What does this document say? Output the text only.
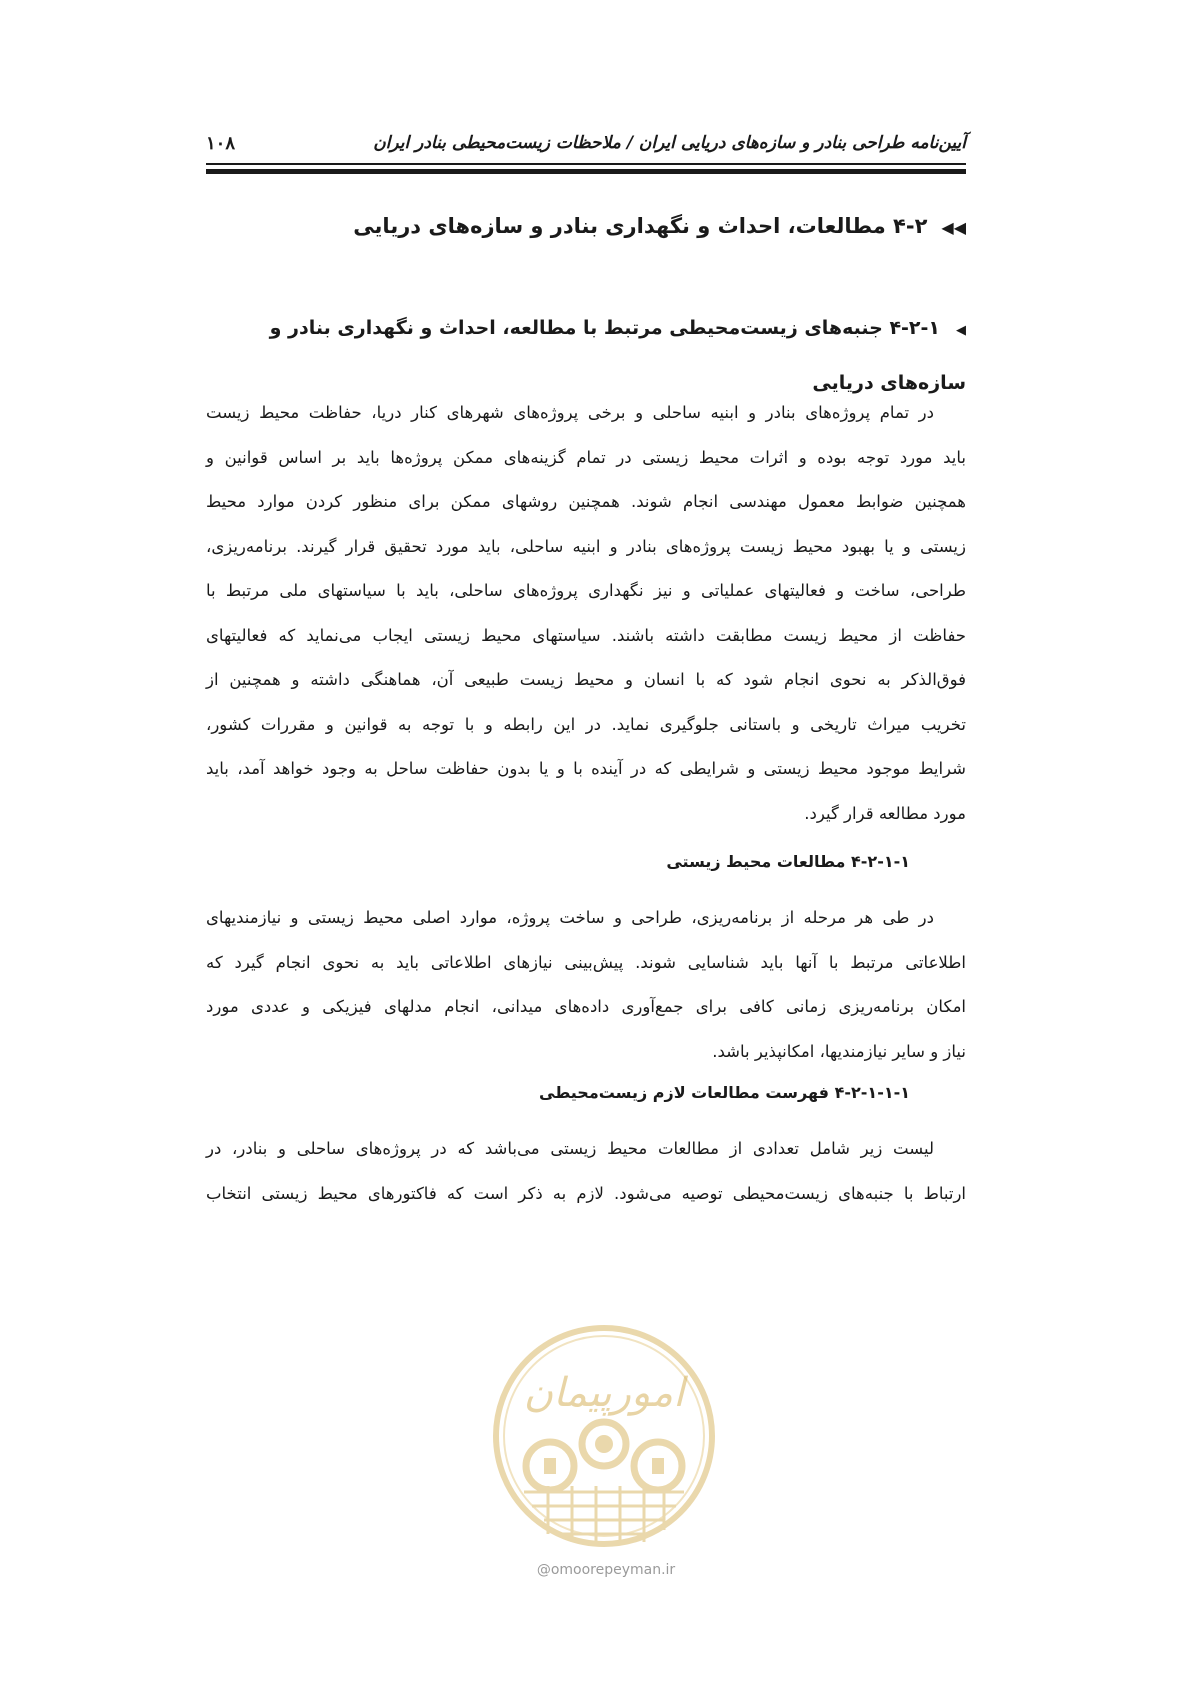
آیین‌نامه طراحی بنادر و سازه‌های دریایی ایران / ملاحظات زیست‌محیطی بنادر ایران
۱۰۸
◀◀۴-۲ مطالعات، احداث و نگهداری بنادر و سازه‌های دریایی
◀۴-۲-۱ جنبه‌های زیست‌محیطی مرتبط با مطالعه، احداث و نگهداری بنادر و سازه‌های دریایی
در تمام پروژه‌های بنادر و ابنیه ساحلی و برخی پروژه‌های شهرهای کنار دریا، حفاظت محیط زیست
باید مورد توجه بوده و اثرات محیط زیستی در تمام گزینه‌های ممکن پروژه‌ها باید بر اساس قوانین و
همچنین ضوابط معمول مهندسی انجام شوند. همچنین روشهای ممکن برای منظور کردن موارد محیط
زیستی و یا بهبود محیط زیست پروژه‌های بنادر و ابنیه ساحلی، باید مورد تحقیق قرار گیرند. برنامه‌ریزی،
طراحی، ساخت و فعالیتهای عملیاتی و نیز نگهداری پروژه‌های ساحلی، باید با سیاستهای ملی مرتبط با
حفاظت از محیط زیست مطابقت داشته باشند. سیاستهای محیط زیستی ایجاب می‌نماید که فعالیتهای
فوق‌الذکر به نحوی انجام شود که با انسان و محیط زیست طبیعی آن، هماهنگی داشته و همچنین از
تخریب میراث تاریخی و باستانی جلوگیری نماید. در این رابطه و با توجه به قوانین و مقررات کشور،
شرایط موجود محیط زیستی و شرایطی که در آینده با و یا بدون حفاظت ساحل به وجود خواهد آمد، باید
مورد مطالعه قرار گیرد.
۴-۲-۱-۱ مطالعات محیط زیستی
در طی هر مرحله از برنامه‌ریزی، طراحی و ساخت پروژه، موارد اصلی محیط زیستی و نیازمندیهای
اطلاعاتی مرتبط با آنها باید شناسایی شوند. پیش‌بینی نیازهای اطلاعاتی باید به نحوی انجام گیرد که
امکان برنامه‌ریزی زمانی کافی برای جمع‌آوری داده‌های میدانی، انجام مدلهای فیزیکی و عددی مورد
نیاز و سایر نیازمندیها، امکانپذیر باشد.
۴-۲-۱-۱-۱ فهرست مطالعات لازم زیست‌محیطی
لیست زیر شامل تعدادی از مطالعات محیط زیستی می‌باشد که در پروژه‌های ساحلی و بنادر، در
ارتباط با جنبه‌های زیست‌محیطی توصیه می‌شود. لازم به ذکر است که فاکتورهای محیط زیستی انتخاب
امورپیمان
@omoorepeyman.ir
